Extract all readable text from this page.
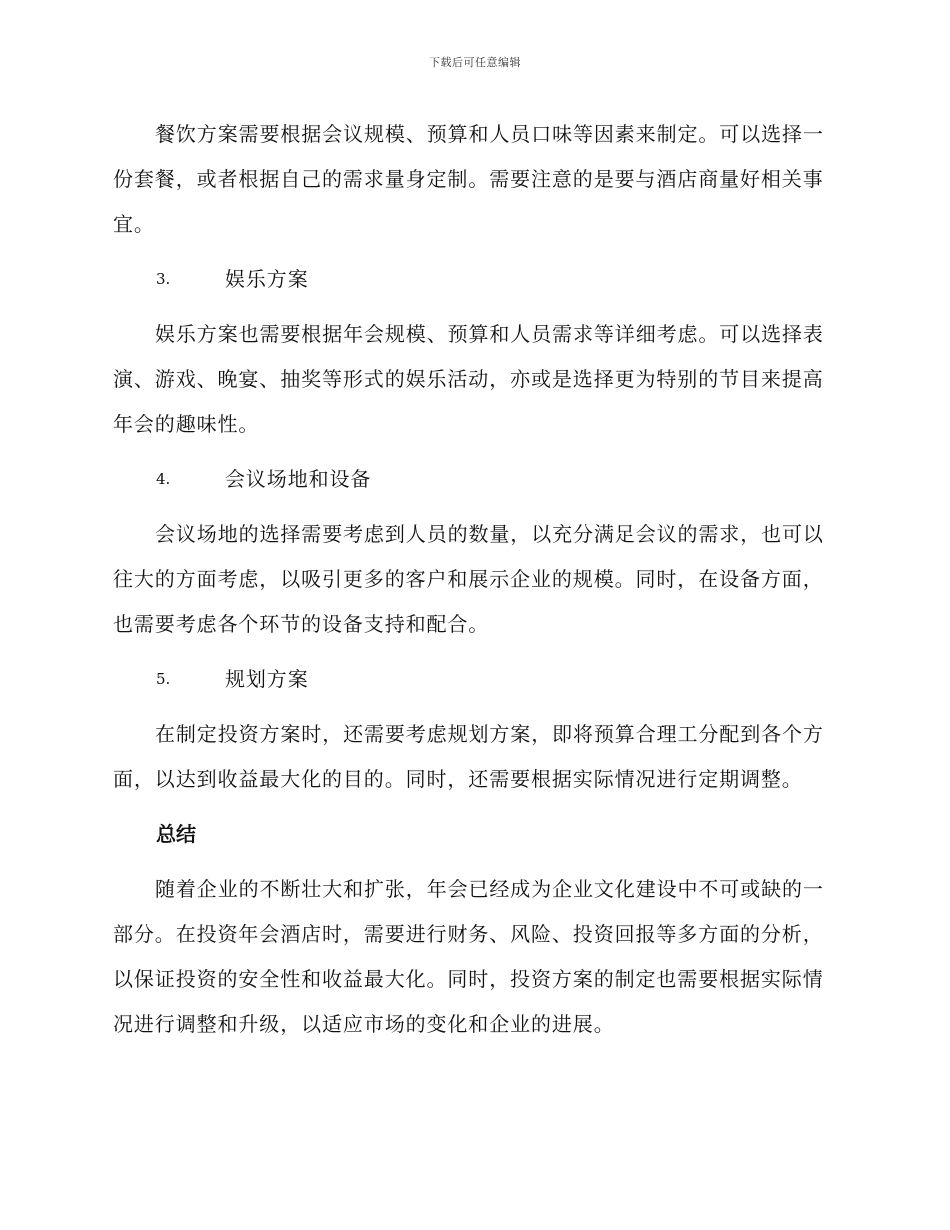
下载后可任意编辑

餐饮方案需要根据会议规模、预算和人员口味等因素来制定。可以选择一份套餐，或者根据自己的需求量身定制。需要注意的是要与酒店商量好相关事宜。

3.	娱乐方案

娱乐方案也需要根据年会规模、预算和人员需求等详细考虑。可以选择表演、游戏、晚宴、抽奖等形式的娱乐活动，亦或是选择更为特别的节目来提高年会的趣味性。

4.	会议场地和设备

会议场地的选择需要考虑到人员的数量，以充分满足会议的需求，也可以往大的方面考虑，以吸引更多的客户和展示企业的规模。同时，在设备方面，也需要考虑各个环节的设备支持和配合。

5.	规划方案

在制定投资方案时，还需要考虑规划方案，即将预算合理工分配到各个方面，以达到收益最大化的目的。同时，还需要根据实际情况进行定期调整。

总结

随着企业的不断壮大和扩张，年会已经成为企业文化建设中不可或缺的一部分。在投资年会酒店时，需要进行财务、风险、投资回报等多方面的分析，以保证投资的安全性和收益最大化。同时，投资方案的制定也需要根据实际情况进行调整和升级，以适应市场的变化和企业的进展。
